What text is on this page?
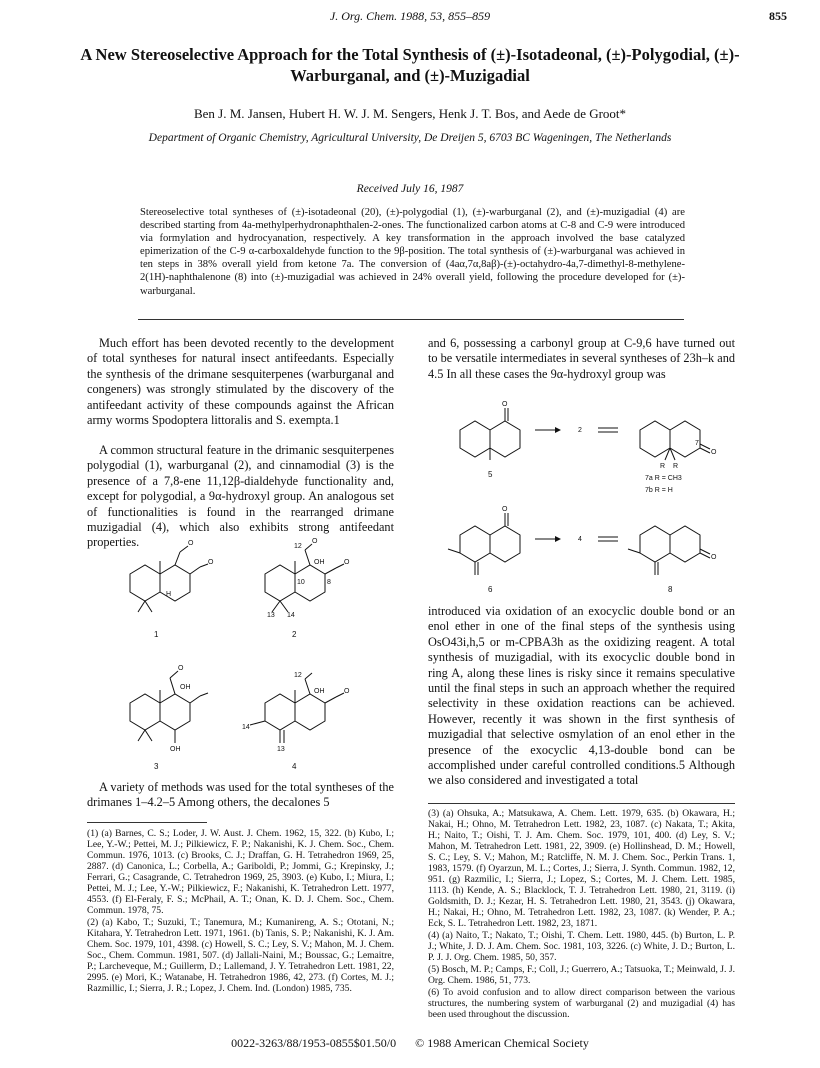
J. Org. Chem. 1988, 53, 855–859	855
A New Stereoselective Approach for the Total Synthesis of (±)-Isotadeonal, (±)-Polygodial, (±)-Warburganal, and (±)-Muzigadial
Ben J. M. Jansen, Hubert H. W. J. M. Sengers, Henk J. T. Bos, and Aede de Groot*
Department of Organic Chemistry, Agricultural University, De Dreijen 5, 6703 BC Wageningen, The Netherlands
Received July 16, 1987

Stereoselective total syntheses of (±)-isotadeonal (20), (±)-polygodial (1), (±)-warburganal (2), and (±)-muzigadial (4) are described starting from 4a-methylperhydronaphthalen-2-ones. The functionalized carbon atoms at C-8 and C-9 were introduced via formylation and hydrocyanation, respectively. A key transformation in the approach involved the base catalyzed epimerization of the C-9 α-carboxaldehyde function to the 9β-position. The total synthesis of (±)-warburganal was achieved in ten steps in 38% overall yield from ketone 7a. The conversion of (4aα,7α,8aβ)-(±)-octahydro-4a,7-dimethyl-8-methylene-2(1H)-naphthalenone (8) into (±)-muzigadial was achieved in 24% overall yield, following the procedure developed for (±)-warburganal.

Much effort has been devoted recently to the development of total syntheses for natural insect antifeedants. Especially the synthesis of the drimane sesquiterpenes (warburganal and congeners) was strongly stimulated by the discovery of the antifeedant activity of these compounds against the African army worms Spodoptera littoralis and S. exempta.1

A common structural feature in the drimanic sesquiterpenes polygodial (1), warburganal (2), and cinnamodial (3) is the presence of a 7,8-ene 11,12β-dialdehyde functionality and, except for polygodial, a 9α-hydroxyl group. An analogous set of functionalities is found in the rearranged drimane muzigadial (4), which also exhibits strong antifeedant properties.	O
O
H
1
12
O
OH	O
10	8
13 14
2
O
OH
OH
3
12
OH	O
14
13
4

A variety of methods was used for the total syntheses of the drimanes 1–4.2–5 Among others, the decalones 5

and 6, possessing a carbonyl group at C-9,6 have turned out to be versatile intermediates in several syntheses of 23h–k and 4.5 In all these cases the 9α-hydroxyl group was

O
5
2
O
7
R R
7a R = CH3
7b R = H
O
6
4
O
8

introduced via oxidation of an exocyclic double bond or an enol ether in one of the final steps of the synthesis using OsO43i,h,5 or m-CPBA3h as the oxidizing reagent. A total synthesis of muzigadial, with its exocyclic double bond in ring A, along these lines is risky since it remains speculative until the final steps in such an approach whether the required selectivity in these oxidation reactions can be achieved. However, recently it was shown in the first synthesis of muzigadial that selective osmylation of an enol ether in the presence of the exocyclic 4,13-double bond can be accomplished under careful controlled conditions.5 Although we also considered and investigated a total

(1) (a) Barnes, C. S.; Loder, J. W. Aust. J. Chem. 1962, 15, 322. (b) Kubo, I.; Lee, Y.-W.; Pettei, M. J.; Pilkiewicz, F. P.; Nakanishi, K. J. Chem. Soc., Chem. Commun. 1976, 1013. (c) Brooks, C. J.; Draffan, G. H. Tetrahedron 1969, 25, 2887. (d) Canonica, L.; Corbella, A.; Gariboldi, P.; Jommi, G.; Krepinsky, J.; Ferrari, G.; Casagrande, C. Tetrahedron 1969, 25, 3903. (e) Kubo, I.; Miura, I.; Pettei, M. J.; Lee, Y.-W.; Pilkiewicz, F.; Nakanishi, K. Tetrahedron Lett. 1977, 4553. (f) El-Feraly, F. S.; McPhail, A. T.; Onan, K. D. J. Chem. Soc., Chem. Commun. 1978, 75.

(2) (a) Kabo, T.; Suzuki, T.; Tanemura, M.; Kumanireng, A. S.; Ototani, N.; Kitahara, Y. Tetrahedron Lett. 1971, 1961. (b) Tanis, S. P.; Nakanishi, K. J. Am. Chem. Soc. 1979, 101, 4398. (c) Howell, S. C.; Ley, S. V.; Mahon, M. J. Chem. Soc., Chem. Commun. 1981, 507. (d) Jallali-Naini, M.; Boussac, G.; Lemaitre, P.; Larcheveque, M.; Guillerm, D.; Lallemand, J. Y. Tetrahedron Lett. 1981, 22, 2995. (e) Mori, K.; Watanabe, H. Tetrahedron 1986, 42, 273. (f) Cortes, M. J.; Razmillic, I.; Sierra, J. R.; Lopez, J. Chem. Ind. (London) 1985, 735.

(3) (a) Ohsuka, A.; Matsukawa, A. Chem. Lett. 1979, 635. (b) Okawara, H.; Nakai, H.; Ohno, M. Tetrahedron Lett. 1982, 23, 1087. (c) Nakata, T.; Akita, H.; Naito, T.; Oishi, T. J. Am. Chem. Soc. 1979, 101, 400. (d) Ley, S. V.; Mahon, M. Tetrahedron Lett. 1981, 22, 3909. (e) Hollinshead, D. M.; Howell, S. C.; Ley, S. V.; Mahon, M.; Ratcliffe, N. M. J. Chem. Soc., Perkin Trans. 1, 1983, 1579. (f) Oyarzun, M. L.; Cortes, J.; Sierra, J. Synth. Commun. 1982, 12, 951. (g) Razmilic, I.; Sierra, J.; Lopez, S.; Cortes, M. J. Chem. Lett. 1985, 1113. (h) Kende, A. S.; Blacklock, T. J. Tetrahedron Lett. 1980, 21, 3119. (i) Goldsmith, D. J.; Kezar, H. S. Tetrahedron Lett. 1980, 21, 3543. (j) Okawara, H.; Nakai, H.; Ohno, M. Tetrahedron Lett. 1982, 23, 1087. (k) Wender, P. A.; Eck, S. L. Tetrahedron Lett. 1982, 23, 1871.

(4) (a) Naito, T.; Nakato, T.; Oishi, T. Chem. Lett. 1980, 445. (b) Burton, L. P. J.; White, J. D. J. Am. Chem. Soc. 1981, 103, 3226. (c) White, J. D.; Burton, L. P. J. J. Org. Chem. 1985, 50, 357.

(5) Bosch, M. P.; Camps, F.; Coll, J.; Guerrero, A.; Tatsuoka, T.; Meinwald, J. J. Org. Chem. 1986, 51, 773.

(6) To avoid confusion and to allow direct comparison between the various structures, the numbering system of warburganal (2) and muzigadial (4) has been used throughout the discussion.

0022-3263/88/1953-0855$01.50/0 © 1988 American Chemical Society
